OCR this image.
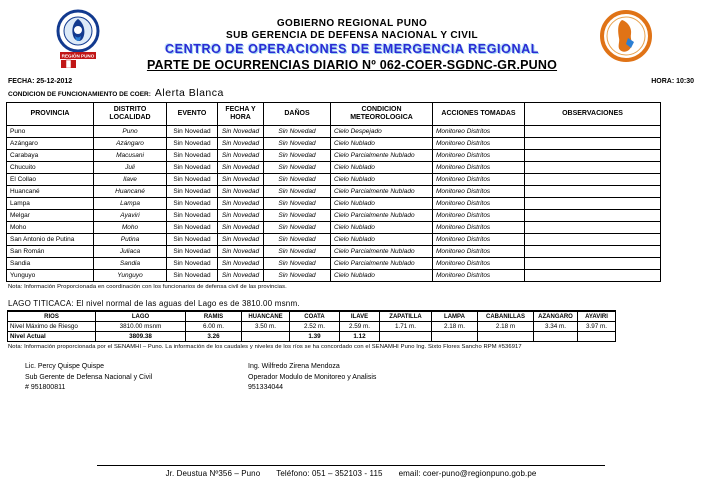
REGIÓN PUNO
GOBIERNO REGIONAL PUNO
SUB GERENCIA DE DEFENSA NACIONAL Y CIVIL
CENTRO DE OPERACIONES DE EMERGENCIA REGIONAL
PARTE DE OCURRENCIAS DIARIO Nº 062-COER-SGDNC-GR.PUNO
FECHA: 25-12-2012	HORA: 10:30
CONDICION DE FUNCIONAMIENTO DE COER: Alerta Blanca
PROVINCIA	DISTRITO LOCALIDAD	EVENTO	FECHA Y HORA	DAÑOS	CONDICION METEOROLOGICA	ACCIONES TOMADAS	OBSERVACIONES
Puno	Puno	Sin Novedad	Sin Novedad	Sin Novedad	Cielo Despejado	Monitoreo Distritos	
Azángaro	Azángaro	Sin Novedad	Sin Novedad	Sin Novedad	Cielo Nublado	Monitoreo Distritos	
Carabaya	Macusani	Sin Novedad	Sin Novedad	Sin Novedad	Cielo Parcialmente Nublado	Monitoreo Distritos	
Chucuito	Juli	Sin Novedad	Sin Novedad	Sin Novedad	Cielo Nublado	Monitoreo Distritos	
El Collao	Ilave	Sin Novedad	Sin Novedad	Sin Novedad	Cielo Nublado	Monitoreo Distritos	
Huancané	Huancané	Sin Novedad	Sin Novedad	Sin Novedad	Cielo Parcialmente Nublado	Monitoreo Distritos	
Lampa	Lampa	Sin Novedad	Sin Novedad	Sin Novedad	Cielo Nublado	Monitoreo Distritos	
Melgar	Ayaviri	Sin Novedad	Sin Novedad	Sin Novedad	Cielo Parcialmente Nublado	Monitoreo Distritos	
Moho	Moho	Sin Novedad	Sin Novedad	Sin Novedad	Cielo Nublado	Monitoreo Distritos	
San Antonio de Putina	Putina	Sin Novedad	Sin Novedad	Sin Novedad	Cielo Nublado	Monitoreo Distritos	
San Román	Juliaca	Sin Novedad	Sin Novedad	Sin Novedad	Cielo Parcialmente Nublado	Monitoreo Distritos	
Sandia	Sandia	Sin Novedad	Sin Novedad	Sin Novedad	Cielo Parcialmente Nublado	Monitoreo Distritos	
Yunguyo	Yunguyo	Sin Novedad	Sin Novedad	Sin Novedad	Cielo Nublado	Monitoreo Distritos	
Nota: Información Proporcionada en coordinación con los funcionarios de defensa civil de las provincias.
LAGO TITICACA: El nivel normal de las aguas del Lago es de 3810.00 msnm.
RIOS	LAGO	RAMIS	HUANCANE	COATA	ILAVE	ZAPATILLA	LAMPA	CABANILLAS	AZANGARO	AYAVIRI
Nivel Máximo de Riesgo	3810.00 msnm	6.00 m.	3.50 m.	2.52 m.	2.59 m.	1.71 m.	2.18 m.	2.18 m	3.34 m.	3.97 m.
Nivel Actual	3809.38	3.26		1.39	1.12					
Nota: Información proporcionada por el SENAMHI – Puno. La información de los caudales y niveles de los ríos se ha concordado con el SENAMHI Puno Ing. Sixto Flores Sancho RPM #536917
Lic. Percy Quispe Quispe
Sub Gerente de Defensa Nacional y Civil
# 951800811
Ing. Wilfredo Zirena Mendoza
Operador Modulo de Monitoreo y Analisis
951334044
Jr. Deustua Nº356 – Puno Teléfono: 051 – 352103 - 115 email: coer-puno@regionpuno.gob.pe
